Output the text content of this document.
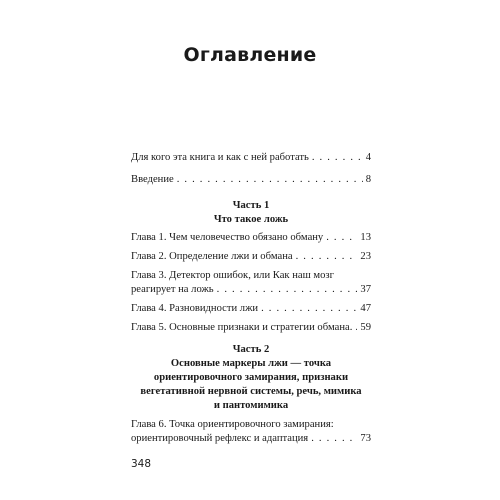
Оглавление
Для кого эта книга и как с ней работать . . .	4
Введение . . .	8
Часть 1
Что такое ложь
Глава 1. Чем человечество обязано обману . . .	13
Глава 2. Определение лжи и обмана . . .	23
Глава 3. Детектор ошибок, или Как наш мозг
реагирует на ложь . . .	37
Глава 4. Разновидности лжи . . .	47
Глава 5. Основные признаки и стратегии обмана. . . . 59
Часть 2
Основные маркеры лжи — точка
ориентировочного замирания, признаки
вегетативной нервной системы, речь, мимика
и пантомимика
Глава 6. Точка ориентировочного замирания:
ориентировочный рефлекс и адаптация . . .	73
348
